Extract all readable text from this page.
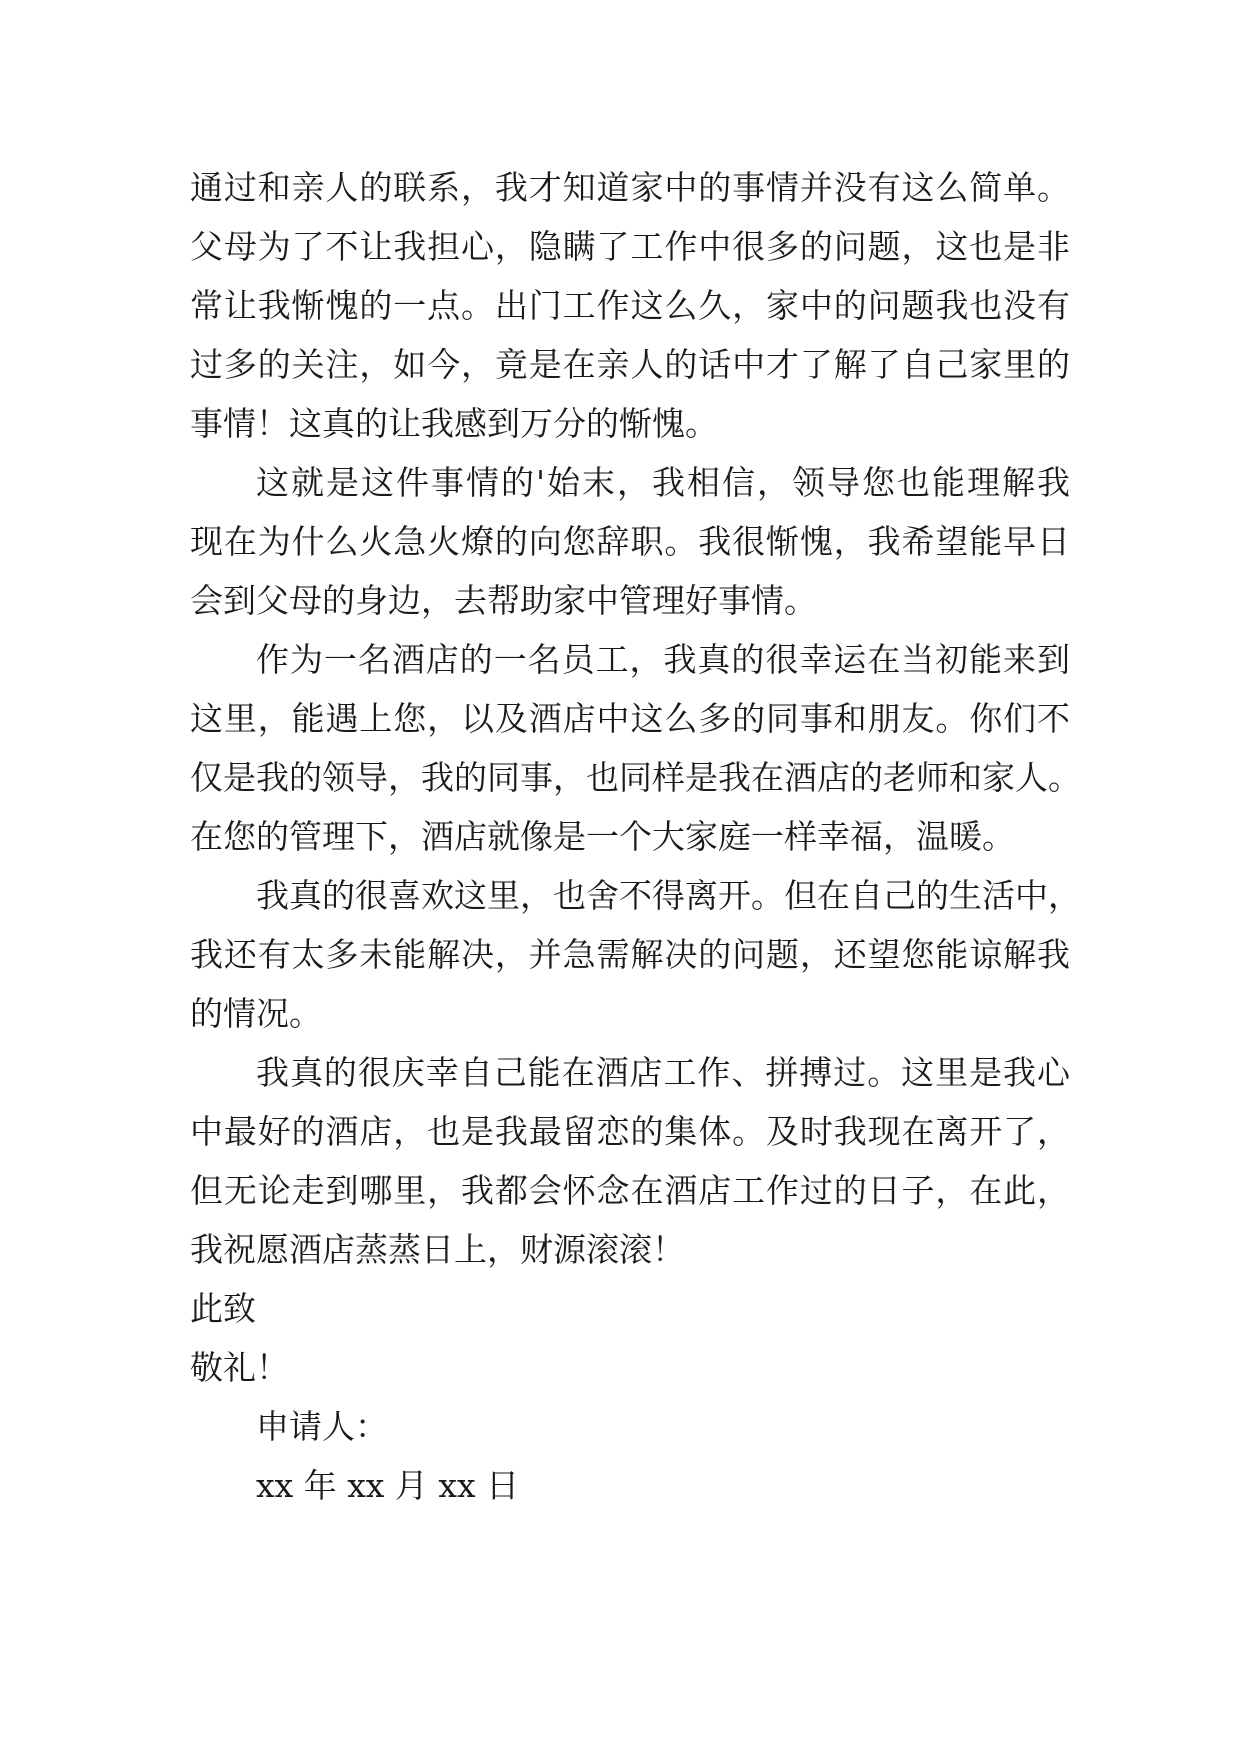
通过和亲人的联系，我才知道家中的事情并没有这么简单。
父母为了不让我担心，隐瞒了工作中很多的问题，这也是非
常让我惭愧的一点。出门工作这么久，家中的问题我也没有
过多的关注，如今，竟是在亲人的话中才了解了自己家里的
事情！这真的让我感到万分的惭愧。
这就是这件事情的'始末，我相信，领导您也能理解我
现在为什么火急火燎的向您辞职。我很惭愧，我希望能早日
会到父母的身边，去帮助家中管理好事情。
作为一名酒店的一名员工，我真的很幸运在当初能来到
这里，能遇上您，以及酒店中这么多的同事和朋友。你们不
仅是我的领导，我的同事，也同样是我在酒店的老师和家人。
在您的管理下，酒店就像是一个大家庭一样幸福，温暖。
我真的很喜欢这里，也舍不得离开。但在自己的生活中，
我还有太多未能解决，并急需解决的问题，还望您能谅解我
的情况。
我真的很庆幸自己能在酒店工作、拼搏过。这里是我心
中最好的酒店，也是我最留恋的集体。及时我现在离开了，
但无论走到哪里，我都会怀念在酒店工作过的日子，在此，
我祝愿酒店蒸蒸日上，财源滚滚！
此致
敬礼！
申请人：
xx 年 xx 月 xx 日
